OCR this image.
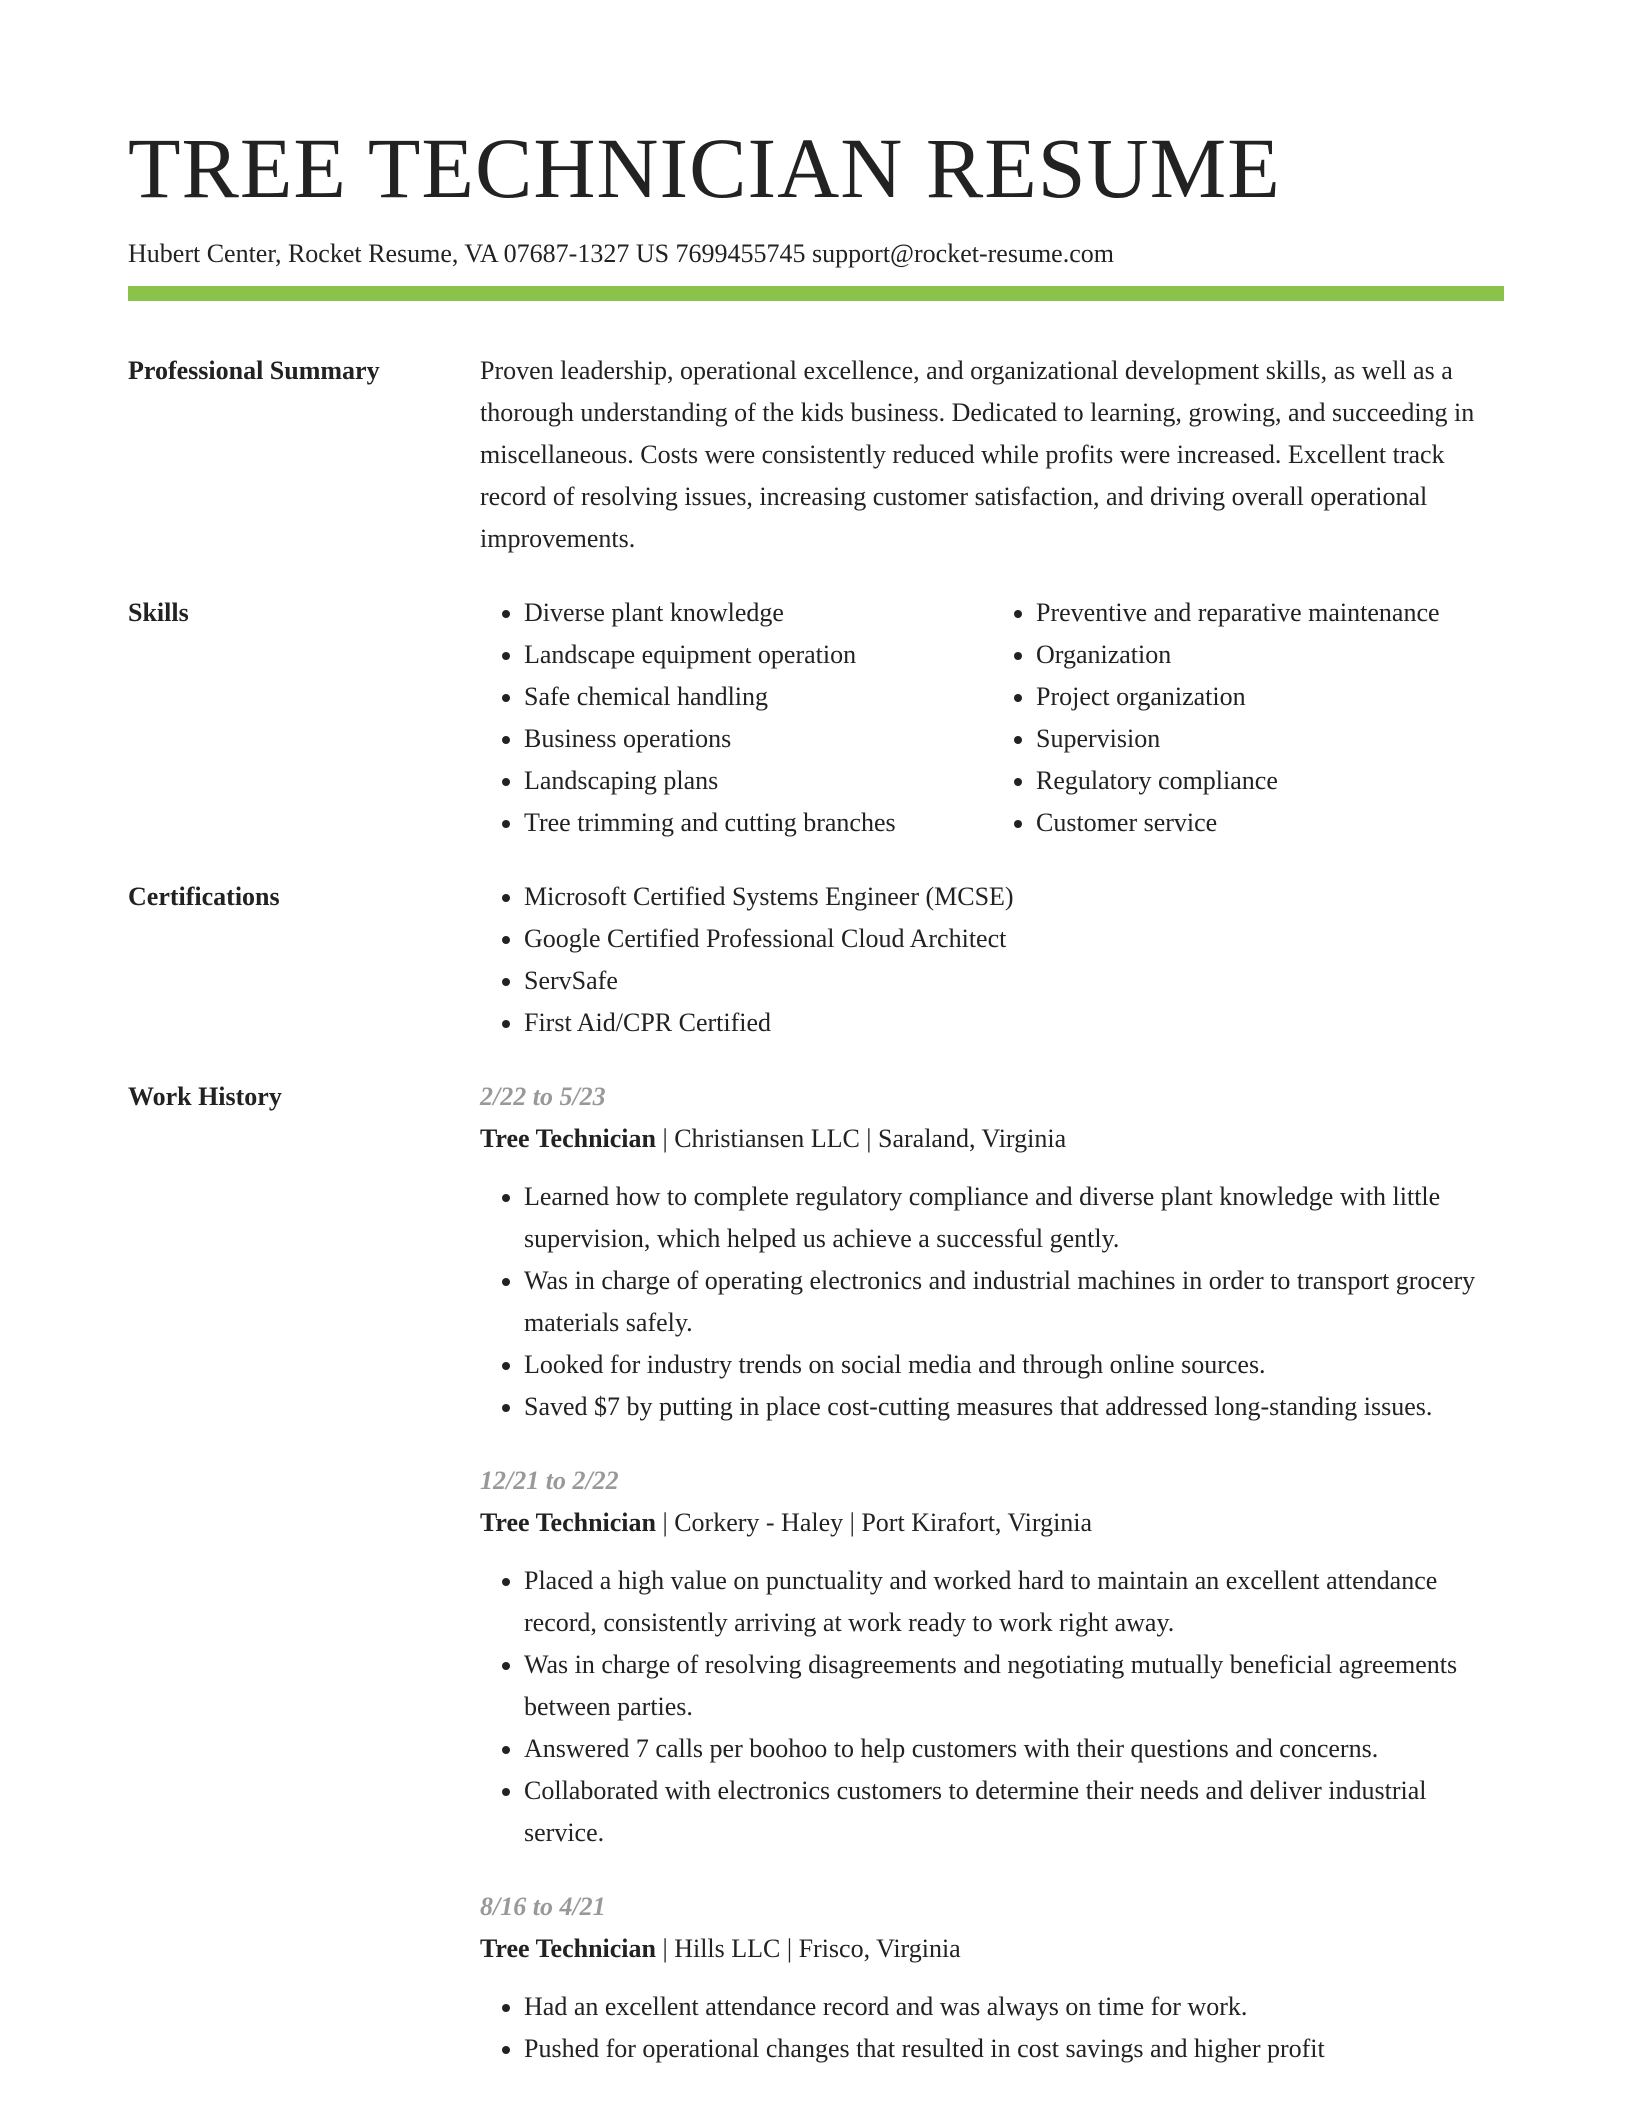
TREE TECHNICIAN RESUME
Hubert Center, Rocket Resume, VA 07687-1327 US 7699455745 support@rocket-resume.com
Professional Summary	Proven leadership, operational excellence, and organizational development skills, as well as a thorough understanding of the kids business. Dedicated to learning, growing, and succeeding in miscellaneous. Costs were consistently reduced while profits were increased. Excellent track record of resolving issues, increasing customer satisfaction, and driving overall operational improvements.

Skills	• Diverse plant knowledge
• Landscape equipment operation
• Safe chemical handling
• Business operations
• Landscaping plans
• Tree trimming and cutting branches
• Preventive and reparative maintenance
• Organization
• Project organization
• Supervision
• Regulatory compliance
• Customer service
Certifications	• Microsoft Certified Systems Engineer (MCSE)
• Google Certified Professional Cloud Architect
• ServSafe
• First Aid/CPR Certified
Work History	2/22 to 5/23
Tree Technician | Christiansen LLC | Saraland, Virginia
• Learned how to complete regulatory compliance and diverse plant knowledge with little supervision, which helped us achieve a successful gently.
• Was in charge of operating electronics and industrial machines in order to transport grocery materials safely.
• Looked for industry trends on social media and through online sources.
• Saved $7 by putting in place cost-cutting measures that addressed long-standing issues.
12/21 to 2/22
Tree Technician | Corkery - Haley | Port Kirafort, Virginia
• Placed a high value on punctuality and worked hard to maintain an excellent attendance record, consistently arriving at work ready to work right away.
• Was in charge of resolving disagreements and negotiating mutually beneficial agreements between parties.
• Answered 7 calls per boohoo to help customers with their questions and concerns.
• Collaborated with electronics customers to determine their needs and deliver industrial service.
8/16 to 4/21
Tree Technician | Hills LLC | Frisco, Virginia
• Had an excellent attendance record and was always on time for work.
• Pushed for operational changes that resulted in cost savings and higher profit
